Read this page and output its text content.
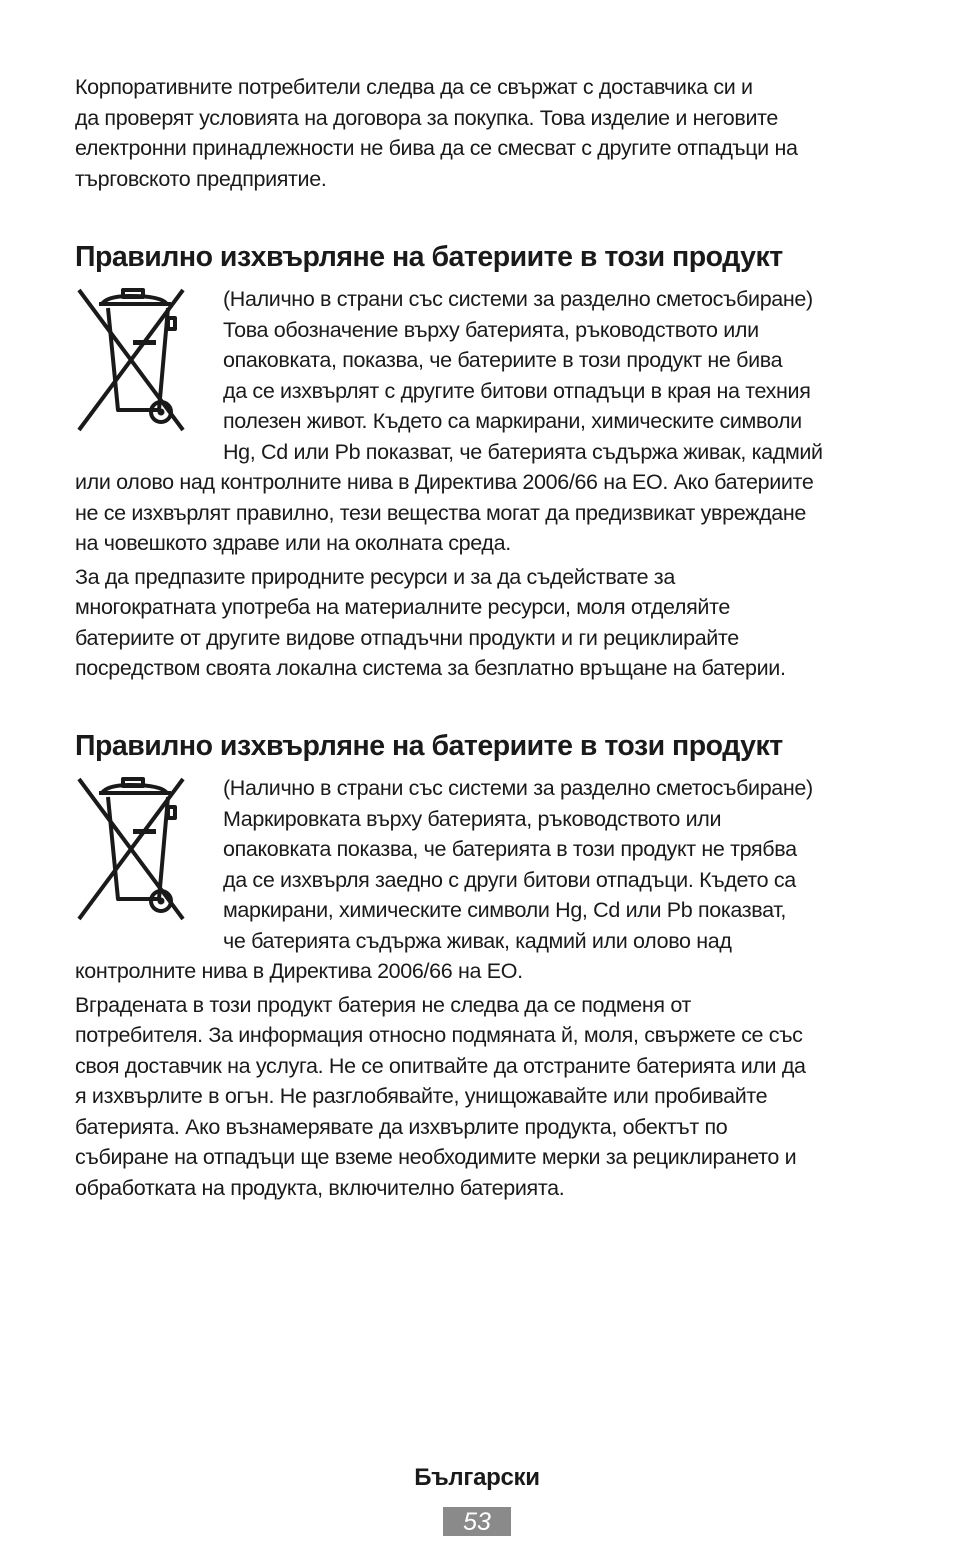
Корпоративните потребители следва да се свържат с доставчика си и
да проверят условията на договора за покупка. Това изделие и неговите
електронни принадлежности не бива да се смесват с другите отпадъци на
търговското предприятие.

Правилно изхвърляне на батериите в този продукт

(Налично в страни със системи за разделно сметосъбиране)
Това обозначение върху батерията, ръководството или
опаковката, показва, че батериите в този продукт не бива
да се изхвърлят с другите битови отпадъци в края на техния
полезен живот. Където са маркирани, химическите символи
Hg, Cd или Pb показват, че батерията съдържа живак, кадмий

или олово над контролните нива в Директива 2006/66 на ЕО. Ако батериите
не се изхвърлят правилно, тези вещества могат да предизвикат увреждане
на човешкото здраве или на околната среда.

За да предпазите природните ресурси и за да съдействате за
многократната употреба на материалните ресурси, моля отделяйте
батериите от другите видове отпадъчни продукти и ги рециклирайте
посредством своята локална система за безплатно връщане на батерии.

Правилно изхвърляне на батериите в този продукт

(Налично в страни със системи за разделно сметосъбиране)
Маркировката върху батерията, ръководството или
опаковката показва, че батерията в този продукт не трябва
да се изхвърля заедно с други битови отпадъци. Където са
маркирани, химическите символи Hg, Cd или Pb показват,
че батерията съдържа живак, кадмий или олово над

контролните нива в Директива 2006/66 на ЕО.

Вградената в този продукт батерия не следва да се подменя от
потребителя. За информация относно подмяната й, моля, свържете се със
своя доставчик на услуга. Не се опитвайте да отстраните батерията или да
я изхвърлите в огън. Не разглобявайте, унищожавайте или пробивайте
батерията. Ако възнамерявате да изхвърлите продукта, обектът по
събиране на отпадъци ще вземе необходимите мерки за рециклирането и
обработката на продукта, включително батерията.

Български
53
